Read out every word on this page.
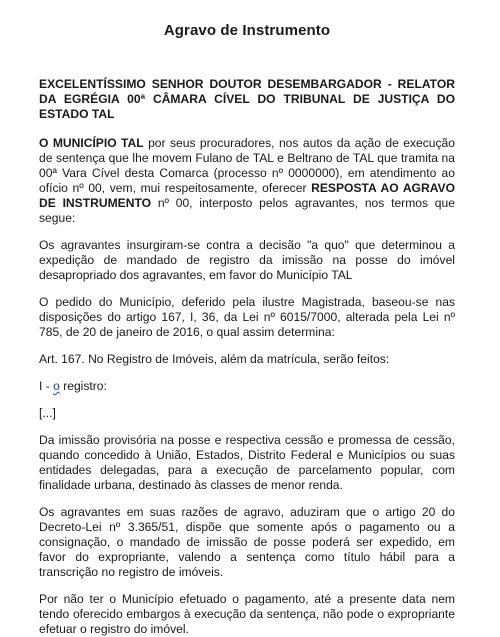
Agravo de Instrumento

EXCELENTÍSSIMO SENHOR DOUTOR DESEMBARGADOR - RELATOR DA EGRÉGIA 00ª CÂMARA CÍVEL DO TRIBUNAL DE JUSTIÇA DO ESTADO TAL

O MUNICÍPIO TAL por seus procuradores, nos autos da ação de execução de sentença que lhe movem Fulano de TAL e Beltrano de TAL que tramita na 00ª Vara Cível desta Comarca (processo nº 0000000), em atendimento ao ofício nº 00, vem, mui respeitosamente, oferecer RESPOSTA AO AGRAVO DE INSTRUMENTO nº 00, interposto pelos agravantes, nos termos que segue:

Os agravantes insurgiram-se contra a decisão "a quo" que determinou a expedição de mandado de registro da imissão na posse do imóvel desapropriado dos agravantes, em favor do Município TAL

O pedido do Município, deferido pela ilustre Magistrada, baseou-se nas disposições do artigo 167, I, 36, da Lei nº 6015/7000, alterada pela Lei nº 785, de 20 de janeiro de 2016, o qual assim determina:

Art. 167. No Registro de Imóveis, além da matrícula, serão feitos:

I - o registro:

[...]

Da imissão provisória na posse e respectiva cessão e promessa de cessão, quando concedido à União, Estados, Distrito Federal e Municípios ou suas entidades delegadas, para a execução de parcelamento popular, com finalidade urbana, destinado às classes de menor renda.

Os agravantes em suas razões de agravo, aduziram que o artigo 20 do Decreto-Lei nº 3.365/51, dispõe que somente após o pagamento ou a consignação, o mandado de imissão de posse poderá ser expedido, em favor do expropriante, valendo a sentença como título hábil para a transcrição no registro de imóveis.

Por não ter o Município efetuado o pagamento, até a presente data nem tendo oferecido embargos à execução da sentença, não pode o expropriante efetuar o registro do imóvel.
